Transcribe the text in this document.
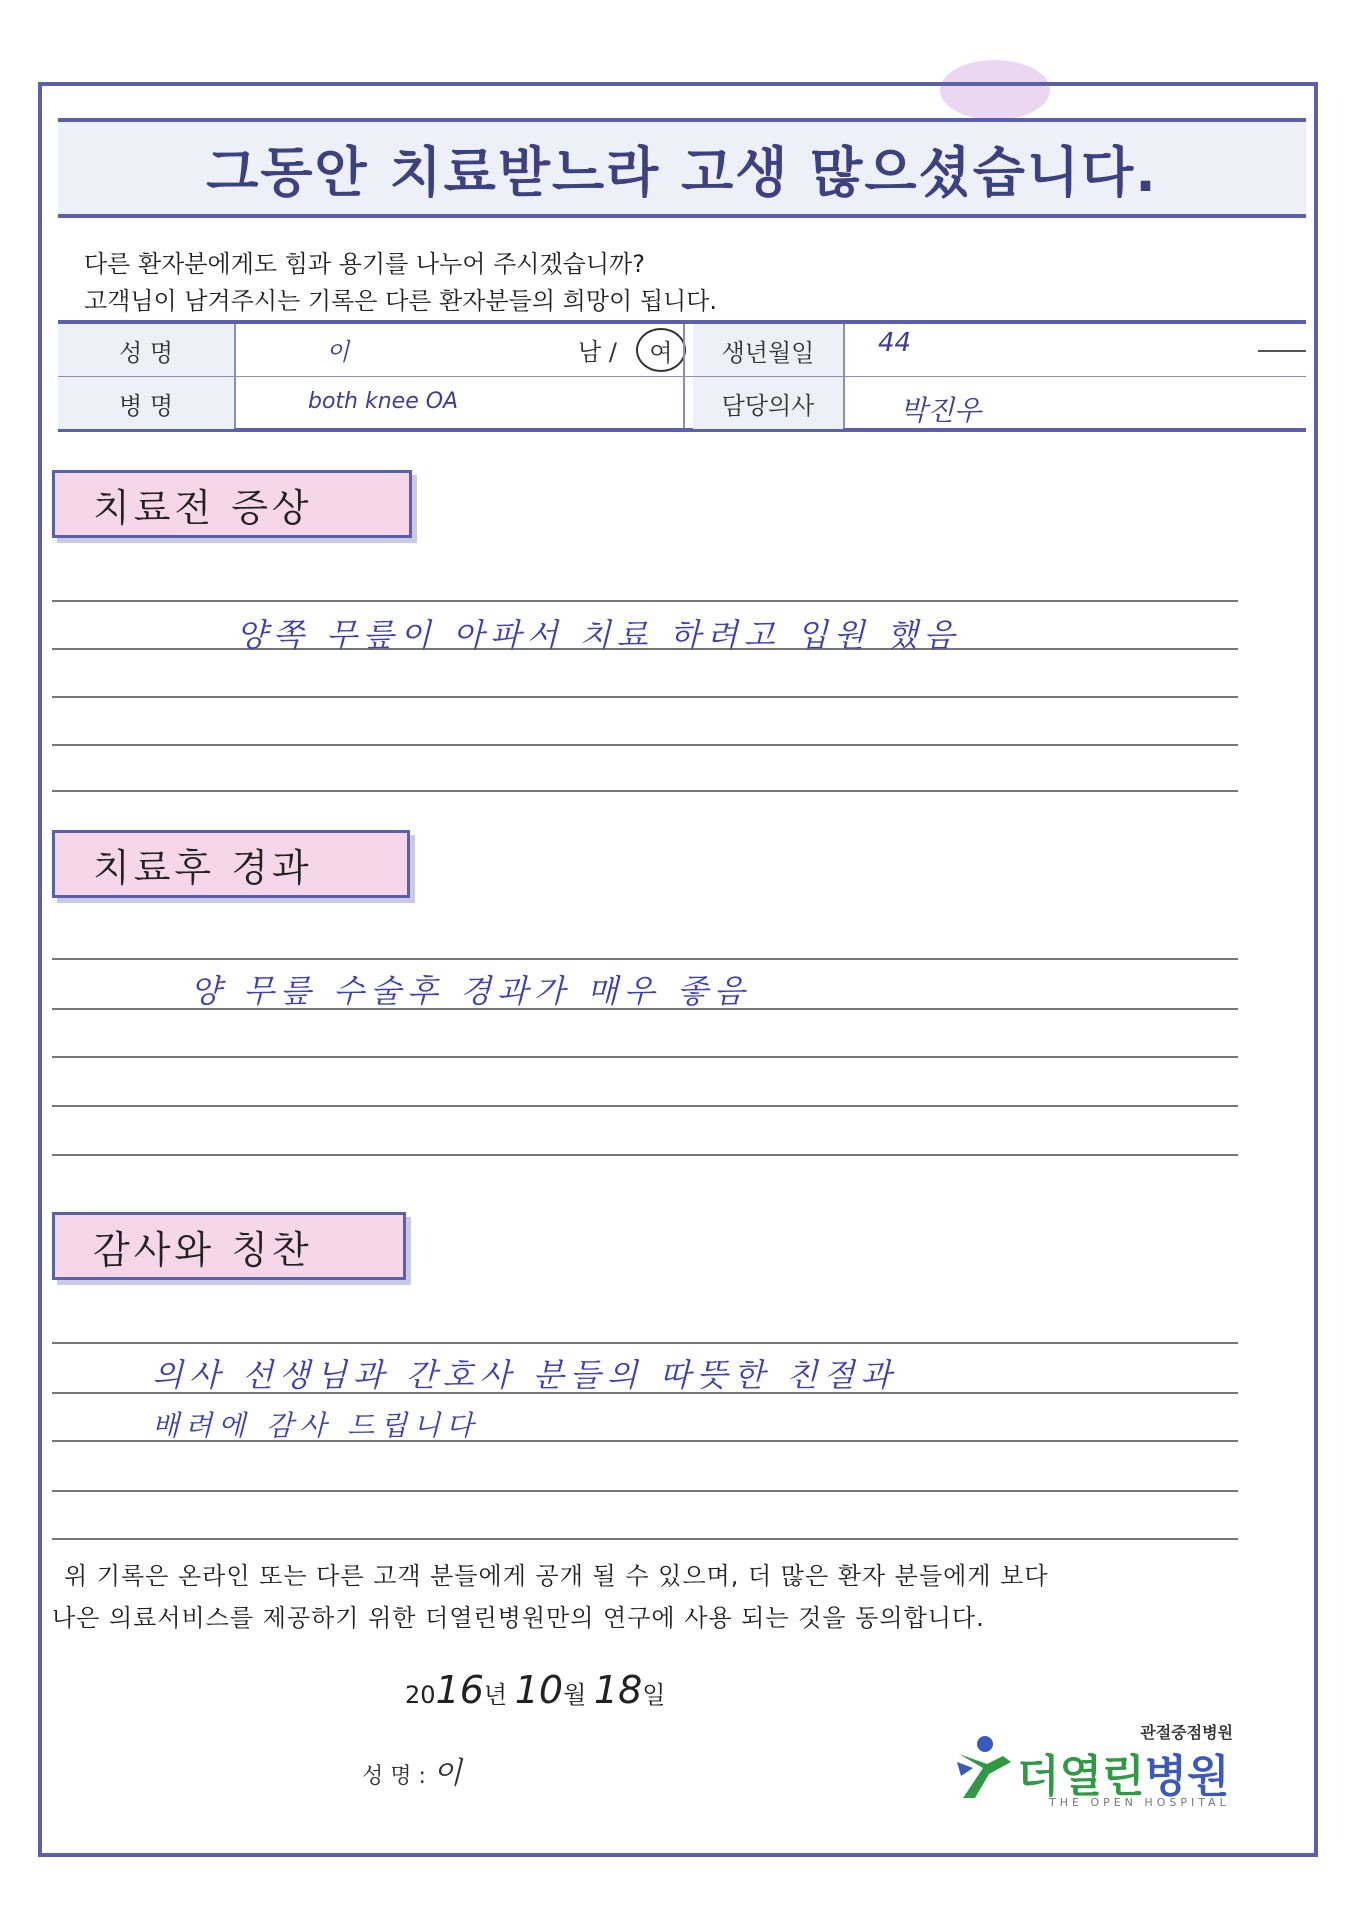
그동안 치료받느라 고생 많으셨습니다.
다른 환자분에게도 힘과 용기를 나누어 주시겠습니까?
고객님이 남겨주시는 기록은 다른 환자분들의 희망이 됩니다.
성 명	이	남 / 여	생년월일	44
병 명	both knee OA	담당의사	박진우
치료전 증상
양쪽 무릎이 아파서 치료 하려고 입원 했음
치료후 경과
양 무릎 수술후 경과가 매우 좋음
감사와 칭찬
의사 선생님과 간호사 분들의 따뜻한 친절과
배려에 감사 드립니다
위 기록은 온라인 또는 다른 고객 분들에게 공개 될 수 있으며, 더 많은 환자 분들에게 보다
나은 의료서비스를 제공하기 위한 더열린병원만의 연구에 사용 되는 것을 동의합니다.
2016년 10월 18일
성 명 : 이
관절중점병원
더열린병원
THE OPEN HOSPITAL
